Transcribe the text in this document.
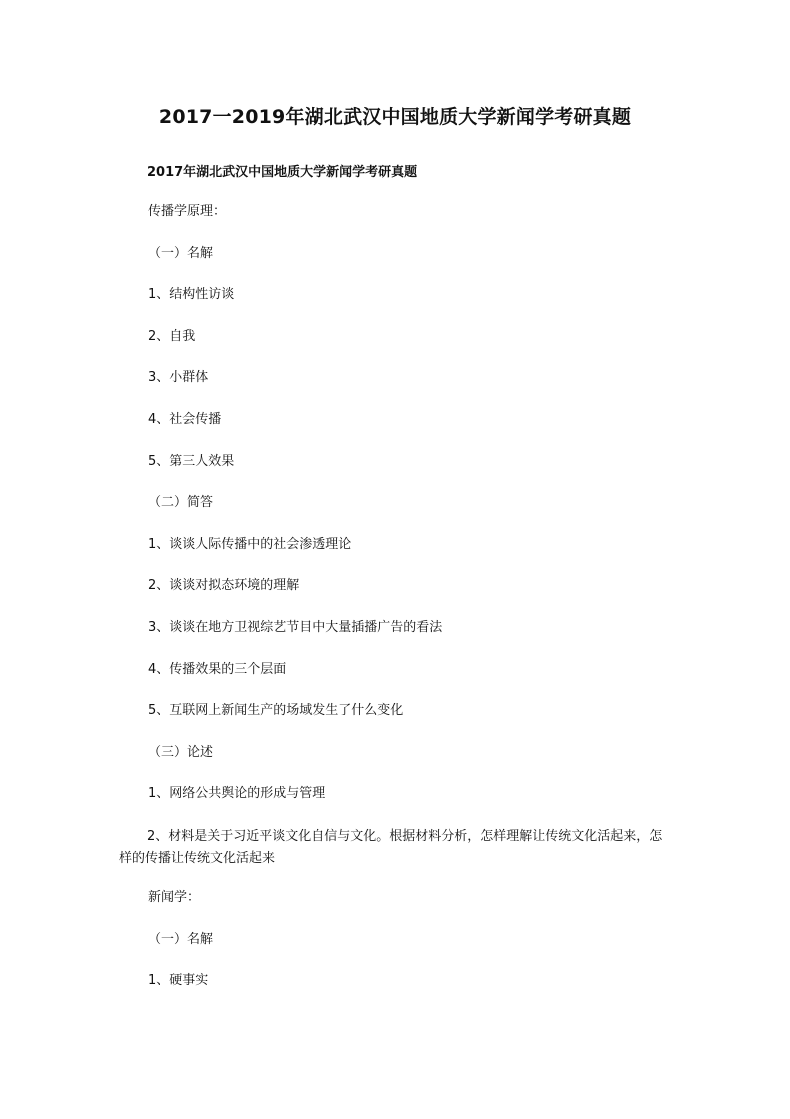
2017一2019年湖北武汉中国地质大学新闻学考研真题
2017年湖北武汉中国地质大学新闻学考研真题
传播学原理：
（一）名解
1、结构性访谈
2、自我
3、小群体
4、社会传播
5、第三人效果
（二）简答
1、谈谈人际传播中的社会渗透理论
2、谈谈对拟态环境的理解
3、谈谈在地方卫视综艺节目中大量插播广告的看法
4、传播效果的三个层面
5、互联网上新闻生产的场域发生了什么变化
（三）论述
1、网络公共舆论的形成与管理
2、材料是关于习近平谈文化自信与文化。根据材料分析，怎样理解让传统文化活起来，怎样的传播让传统文化活起来
新闻学：
（一）名解
1、硬事实
